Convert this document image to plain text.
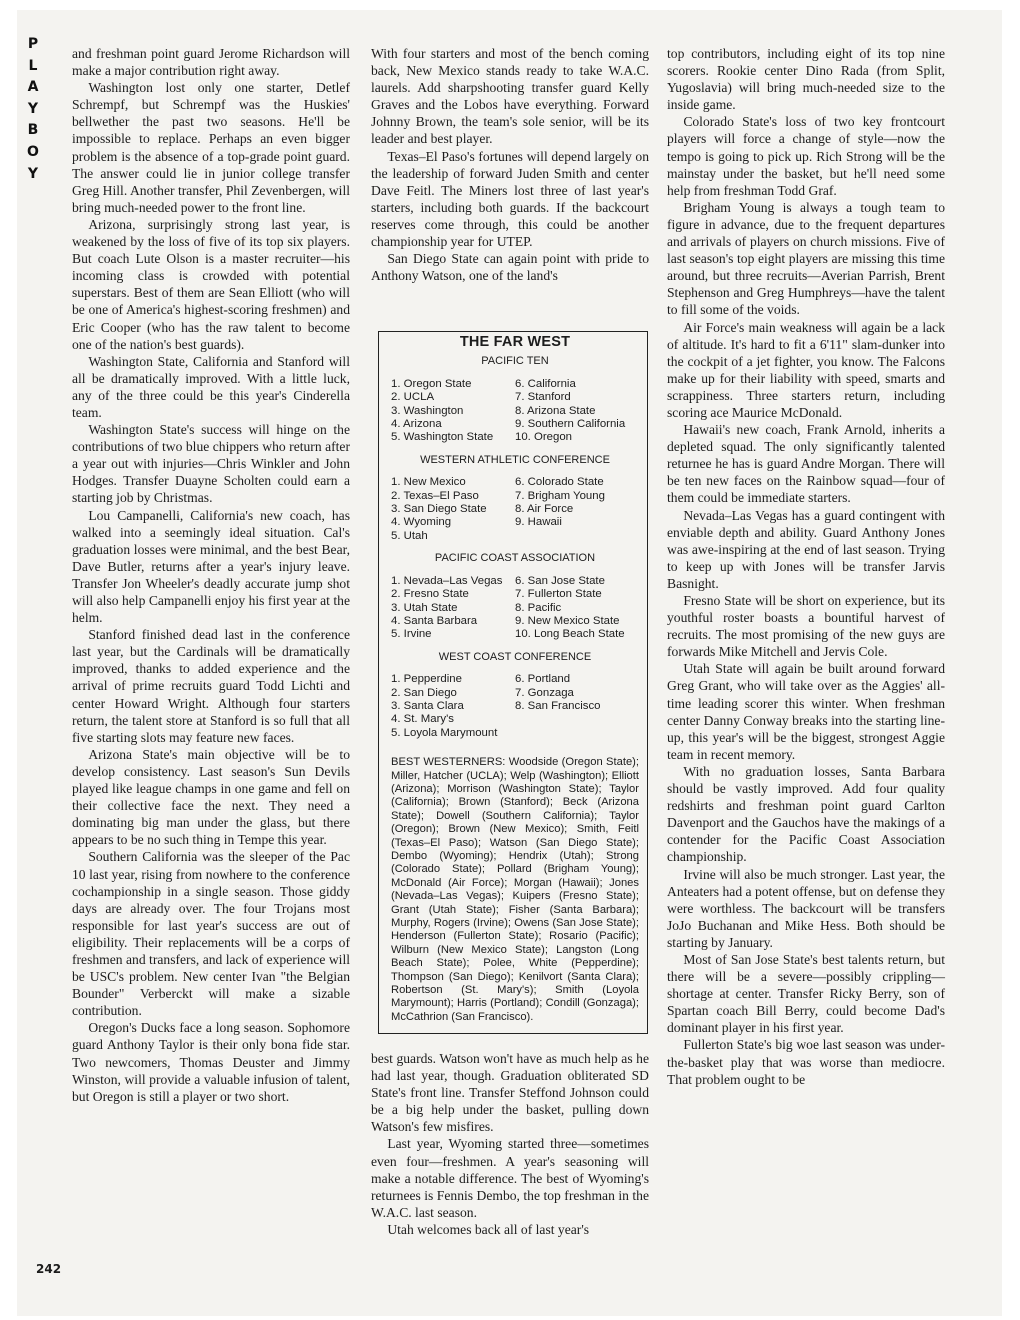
P
L
A
Y
B
O
Y
242

and freshman point guard Jerome Richardson will make a major contribution right away.

Washington lost only one starter, Detlef Schrempf, but Schrempf was the Huskies' bellwether the past two seasons. He'll be impossible to replace. Perhaps an even bigger problem is the absence of a top-grade point guard. The answer could lie in junior college transfer Greg Hill. Another transfer, Phil Zevenbergen, will bring much-needed power to the front line.

Arizona, surprisingly strong last year, is weakened by the loss of five of its top six players. But coach Lute Olson is a master recruiter—his incoming class is crowded with potential superstars. Best of them are Sean Elliott (who will be one of America's highest-scoring freshmen) and Eric Cooper (who has the raw talent to become one of the nation's best guards).

Washington State, California and Stanford will all be dramatically improved. With a little luck, any of the three could be this year's Cinderella team.

Washington State's success will hinge on the contributions of two blue chippers who return after a year out with injuries—Chris Winkler and John Hodges. Transfer Duayne Scholten could earn a starting job by Christmas.

Lou Campanelli, California's new coach, has walked into a seemingly ideal situation. Cal's graduation losses were minimal, and the best Bear, Dave Butler, returns after a year's injury leave. Transfer Jon Wheeler's deadly accurate jump shot will also help Campanelli enjoy his first year at the helm.

Stanford finished dead last in the conference last year, but the Cardinals will be dramatically improved, thanks to added experience and the arrival of prime recruits guard Todd Lichti and center Howard Wright. Although four starters return, the talent store at Stanford is so full that all five starting slots may feature new faces.

Arizona State's main objective will be to develop consistency. Last season's Sun Devils played like league champs in one game and fell on their collective face the next. They need a dominating big man under the glass, but there appears to be no such thing in Tempe this year.

Southern California was the sleeper of the Pac 10 last year, rising from nowhere to the conference cochampionship in a single season. Those giddy days are already over. The four Trojans most responsible for last year's success are out of eligibility. Their replacements will be a corps of freshmen and transfers, and lack of experience will be USC's problem. New center Ivan "the Belgian Bounder" Verberckt will make a sizable contribution.

Oregon's Ducks face a long season. Sophomore guard Anthony Taylor is their only bona fide star. Two newcomers, Thomas Deuster and Jimmy Winston, will provide a valuable infusion of talent, but Oregon is still a player or two short.

With four starters and most of the bench coming back, New Mexico stands ready to take W.A.C. laurels. Add sharpshooting transfer guard Kelly Graves and the Lobos have everything. Forward Johnny Brown, the team's sole senior, will be its leader and best player.

Texas–El Paso's fortunes will depend largely on the leadership of forward Juden Smith and center Dave Feitl. The Miners lost three of last year's starters, including both guards. If the backcourt reserves come through, this could be another championship year for UTEP.

San Diego State can again point with pride to Anthony Watson, one of the land's

THE FAR WEST
PACIFIC TEN
1. Oregon State
2. UCLA
3. Washington
4. Arizona
5. Washington State
6. California
7. Stanford
8. Arizona State
9. Southern California
10. Oregon
WESTERN ATHLETIC CONFERENCE
1. New Mexico
2. Texas–El Paso
3. San Diego State
4. Wyoming
5. Utah
6. Colorado State
7. Brigham Young
8. Air Force
9. Hawaii
PACIFIC COAST ASSOCIATION
1. Nevada–Las Vegas
2. Fresno State
3. Utah State
4. Santa Barbara
5. Irvine
6. San Jose State
7. Fullerton State
8. Pacific
9. New Mexico State
10. Long Beach State
WEST COAST CONFERENCE
1. Pepperdine
2. San Diego
3. Santa Clara
4. St. Mary's
5. Loyola Marymount
6. Portland
7. Gonzaga
8. San Francisco
BEST WESTERNERS: Woodside (Oregon State); Miller, Hatcher (UCLA); Welp (Washington); Elliott (Arizona); Morrison (Washington State); Taylor (California); Brown (Stanford); Beck (Arizona State); Dowell (Southern California); Taylor (Oregon); Brown (New Mexico); Smith, Feitl (Texas–El Paso); Watson (San Diego State); Dembo (Wyoming); Hendrix (Utah); Strong (Colorado State); Pollard (Brigham Young); McDonald (Air Force); Morgan (Hawaii); Jones (Nevada–Las Vegas); Kuipers (Fresno State); Grant (Utah State); Fisher (Santa Barbara); Murphy, Rogers (Irvine); Owens (San Jose State); Henderson (Fullerton State); Rosario (Pacific); Wilburn (New Mexico State); Langston (Long Beach State); Polee, White (Pepperdine); Thompson (San Diego); Kenilvort (Santa Clara); Robertson (St. Mary's); Smith (Loyola Marymount); Harris (Portland); Condill (Gonzaga); McCathrion (San Francisco).

best guards. Watson won't have as much help as he had last year, though. Graduation obliterated SD State's front line. Transfer Steffond Johnson could be a big help under the basket, pulling down Watson's few misfires.

Last year, Wyoming started three—sometimes even four—freshmen. A year's seasoning will make a notable difference. The best of Wyoming's returnees is Fennis Dembo, the top freshman in the W.A.C. last season.

Utah welcomes back all of last year's

top contributors, including eight of its top nine scorers. Rookie center Dino Rada (from Split, Yugoslavia) will bring much-needed size to the inside game.

Colorado State's loss of two key frontcourt players will force a change of style—now the tempo is going to pick up. Rich Strong will be the mainstay under the basket, but he'll need some help from freshman Todd Graf.

Brigham Young is always a tough team to figure in advance, due to the frequent departures and arrivals of players on church missions. Five of last season's top eight players are missing this time around, but three recruits—Averian Parrish, Brent Stephenson and Greg Humphreys—have the talent to fill some of the voids.

Air Force's main weakness will again be a lack of altitude. It's hard to fit a 6'11" slam-dunker into the cockpit of a jet fighter, you know. The Falcons make up for their liability with speed, smarts and scrappiness. Three starters return, including scoring ace Maurice McDonald.

Hawaii's new coach, Frank Arnold, inherits a depleted squad. The only significantly talented returnee he has is guard Andre Morgan. There will be ten new faces on the Rainbow squad—four of them could be immediate starters.

Nevada–Las Vegas has a guard contingent with enviable depth and ability. Guard Anthony Jones was awe-inspiring at the end of last season. Trying to keep up with Jones will be transfer Jarvis Basnight.

Fresno State will be short on experience, but its youthful roster boasts a bountiful harvest of recruits. The most promising of the new guys are forwards Mike Mitchell and Jervis Cole.

Utah State will again be built around forward Greg Grant, who will take over as the Aggies' all-time leading scorer this winter. When freshman center Danny Conway breaks into the starting line-up, this year's will be the biggest, strongest Aggie team in recent memory.

With no graduation losses, Santa Barbara should be vastly improved. Add four quality redshirts and freshman point guard Carlton Davenport and the Gauchos have the makings of a contender for the Pacific Coast Association championship.

Irvine will also be much stronger. Last year, the Anteaters had a potent offense, but on defense they were worthless. The backcourt will be transfers JoJo Buchanan and Mike Hess. Both should be starting by January.

Most of San Jose State's best talents return, but there will be a severe—possibly crippling—shortage at center. Transfer Ricky Berry, son of Spartan coach Bill Berry, could become Dad's dominant player in his first year.

Fullerton State's big woe last season was under-the-basket play that was worse than mediocre. That problem ought to be
